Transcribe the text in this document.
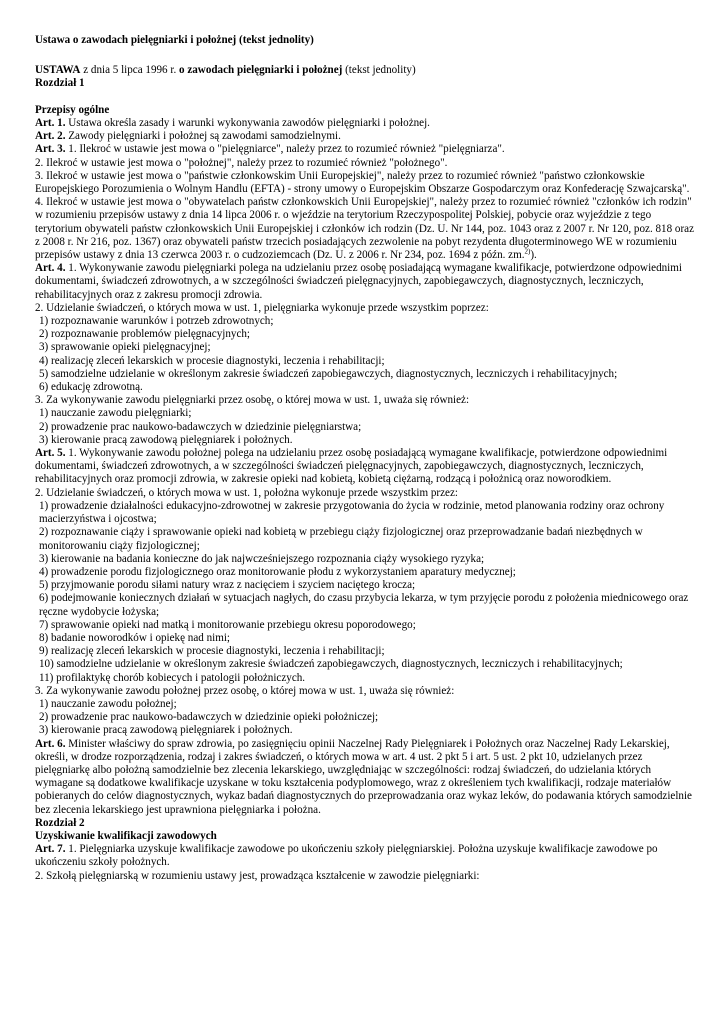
Ustawa o zawodach pielęgniarki i położnej (tekst jednolity)

USTAWA z dnia 5 lipca 1996 r. o zawodach pielęgniarki i położnej (tekst jednolity)

Rozdział 1

Przepisy ogólne

Art. 1. Ustawa określa zasady i warunki wykonywania zawodów pielęgniarki i położnej.

Art. 2. Zawody pielęgniarki i położnej są zawodami samodzielnymi.

Art. 3. 1. Ilekroć w ustawie jest mowa o "pielęgniarce", należy przez to rozumieć również "pielęgniarza".

2. Ilekroć w ustawie jest mowa o "położnej", należy przez to rozumieć również "położnego".

3. Ilekroć w ustawie jest mowa o "państwie członkowskim Unii Europejskiej", należy przez to rozumieć również "państwo członkowskie Europejskiego Porozumienia o Wolnym Handlu (EFTA) - strony umowy o Europejskim Obszarze Gospodarczym oraz Konfederację Szwajcarską".

4. Ilekroć w ustawie jest mowa o "obywatelach państw członkowskich Unii Europejskiej", należy przez to rozumieć również "członków ich rodzin" w rozumieniu przepisów ustawy z dnia 14 lipca 2006 r. o wjeździe na terytorium Rzeczypospolitej Polskiej, pobycie oraz wyjeździe z tego terytorium obywateli państw członkowskich Unii Europejskiej i członków ich rodzin (Dz. U. Nr 144, poz. 1043 oraz z 2007 r. Nr 120, poz. 818 oraz z 2008 r. Nr 216, poz. 1367) oraz obywateli państw trzecich posiadających zezwolenie na pobyt rezydenta długoterminowego WE w rozumieniu przepisów ustawy z dnia 13 czerwca 2003 r. o cudzoziemcach (Dz. U. z 2006 r. Nr 234, poz. 1694 z późn. zm.$^{2)}$).

Art. 4. 1. Wykonywanie zawodu pielęgniarki polega na udzielaniu przez osobę posiadającą wymagane kwalifikacje, potwierdzone odpowiednimi dokumentami, świadczeń zdrowotnych, a w szczególności świadczeń pielęgnacyjnych, zapobiegawczych, diagnostycznych, leczniczych, rehabilitacyjnych oraz z zakresu promocji zdrowia.

2. Udzielanie świadczeń, o których mowa w ust. 1, pielęgniarka wykonuje przede wszystkim poprzez:

1) rozpoznawanie warunków i potrzeb zdrowotnych;

2) rozpoznawanie problemów pielęgnacyjnych;

3) sprawowanie opieki pielęgnacyjnej;

4) realizację zleceń lekarskich w procesie diagnostyki, leczenia i rehabilitacji;

5) samodzielne udzielanie w określonym zakresie świadczeń zapobiegawczych, diagnostycznych, leczniczych i rehabilitacyjnych;

6) edukację zdrowotną.

3. Za wykonywanie zawodu pielęgniarki przez osobę, o której mowa w ust. 1, uważa się również:

1) nauczanie zawodu pielęgniarki;

2) prowadzenie prac naukowo-badawczych w dziedzinie pielęgniarstwa;

3) kierowanie pracą zawodową pielęgniarek i położnych.

Art. 5. 1. Wykonywanie zawodu położnej polega na udzielaniu przez osobę posiadającą wymagane kwalifikacje, potwierdzone odpowiednimi dokumentami, świadczeń zdrowotnych, a w szczególności świadczeń pielęgnacyjnych, zapobiegawczych, diagnostycznych, leczniczych, rehabilitacyjnych oraz promocji zdrowia, w zakresie opieki nad kobietą, kobietą ciężarną, rodzącą i położnicą oraz noworodkiem.

2. Udzielanie świadczeń, o których mowa w ust. 1, położna wykonuje przede wszystkim przez:

1) prowadzenie działalności edukacyjno-zdrowotnej w zakresie przygotowania do życia w rodzinie, metod planowania rodziny oraz ochrony macierzyństwa i ojcostwa;

2) rozpoznawanie ciąży i sprawowanie opieki nad kobietą w przebiegu ciąży fizjologicznej oraz przeprowadzanie badań niezbędnych w monitorowaniu ciąży fizjologicznej;

3) kierowanie na badania konieczne do jak najwcześniejszego rozpoznania ciąży wysokiego ryzyka;

4) prowadzenie porodu fizjologicznego oraz monitorowanie płodu z wykorzystaniem aparatury medycznej;

5) przyjmowanie porodu siłami natury wraz z nacięciem i szyciem naciętego krocza;

6) podejmowanie koniecznych działań w sytuacjach nagłych, do czasu przybycia lekarza, w tym przyjęcie porodu z położenia miednicowego oraz ręczne wydobycie łożyska;

7) sprawowanie opieki nad matką i monitorowanie przebiegu okresu poporodowego;

8) badanie noworodków i opiekę nad nimi;

9) realizację zleceń lekarskich w procesie diagnostyki, leczenia i rehabilitacji;

10) samodzielne udzielanie w określonym zakresie świadczeń zapobiegawczych, diagnostycznych, leczniczych i rehabilitacyjnych;

11) profilaktykę chorób kobiecych i patologii położniczych.

3. Za wykonywanie zawodu położnej przez osobę, o której mowa w ust. 1, uważa się również:

1) nauczanie zawodu położnej;

2) prowadzenie prac naukowo-badawczych w dziedzinie opieki położniczej;

3) kierowanie pracą zawodową pielęgniarek i położnych.

Art. 6. Minister właściwy do spraw zdrowia, po zasięgnięciu opinii Naczelnej Rady Pielęgniarek i Położnych oraz Naczelnej Rady Lekarskiej, określi, w drodze rozporządzenia, rodzaj i zakres świadczeń, o których mowa w art. 4 ust. 2 pkt 5 i art. 5 ust. 2 pkt 10, udzielanych przez pielęgniarkę albo położną samodzielnie bez zlecenia lekarskiego, uwzględniając w szczególności: rodzaj świadczeń, do udzielania których wymagane są dodatkowe kwalifikacje uzyskane w toku kształcenia podyplomowego, wraz z określeniem tych kwalifikacji, rodzaje materiałów pobieranych do celów diagnostycznych, wykaz badań diagnostycznych do przeprowadzania oraz wykaz leków, do podawania których samodzielnie bez zlecenia lekarskiego jest uprawniona pielęgniarka i położna.

Rozdział 2

Uzyskiwanie kwalifikacji zawodowych

Art. 7. 1. Pielęgniarka uzyskuje kwalifikacje zawodowe po ukończeniu szkoły pielęgniarskiej. Położna uzyskuje kwalifikacje zawodowe po ukończeniu szkoły położnych.

2. Szkołą pielęgniarską w rozumieniu ustawy jest, prowadząca kształcenie w zawodzie pielęgniarki:
